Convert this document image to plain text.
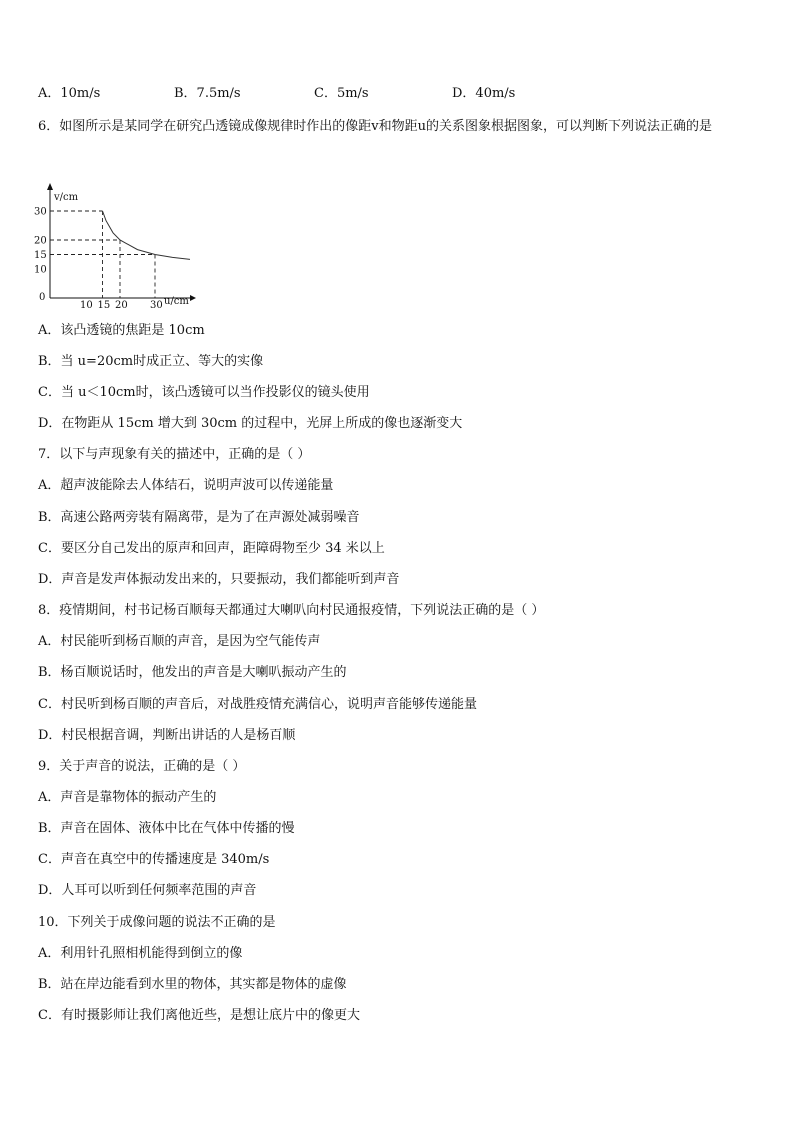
A．10m/s	B．7.5m/s	C．5m/s	D．40m/s
6．如图所示是某同学在研究凸透镜成像规律时作出的像距v和物距u的关系图象根据图象，可以判断下列说法正确的是
10
15
20
30
10 15 20 30
v/cm
u/cm
0
A．该凸透镜的焦距是 10cm
B．当 u=20cm时成正立、等大的实像
C．当 u＜10cm时，该凸透镜可以当作投影仪的镜头使用
D．在物距从 15cm 增大到 30cm 的过程中，光屏上所成的像也逐渐变大
7．以下与声现象有关的描述中，正确的是（ ）
A．超声波能除去人体结石，说明声波可以传递能量
B．高速公路两旁装有隔离带，是为了在声源处减弱噪音
C．要区分自己发出的原声和回声，距障碍物至少 34 米以上
D．声音是发声体振动发出来的，只要振动，我们都能听到声音
8．疫情期间，村书记杨百顺每天都通过大喇叭向村民通报疫情，下列说法正确的是（ ）
A．村民能听到杨百顺的声音，是因为空气能传声
B．杨百顺说话时，他发出的声音是大喇叭振动产生的
C．村民听到杨百顺的声音后，对战胜疫情充满信心，说明声音能够传递能量
D．村民根据音调，判断出讲话的人是杨百顺
9．关于声音的说法，正确的是（ ）
A．声音是靠物体的振动产生的
B．声音在固体、液体中比在气体中传播的慢
C．声音在真空中的传播速度是 340m/s
D．人耳可以听到任何频率范围的声音
10．下列关于成像问题的说法不正确的是
A．利用针孔照相机能得到倒立的像
B．站在岸边能看到水里的物体，其实都是物体的虚像
C．有时摄影师让我们离他近些，是想让底片中的像更大
